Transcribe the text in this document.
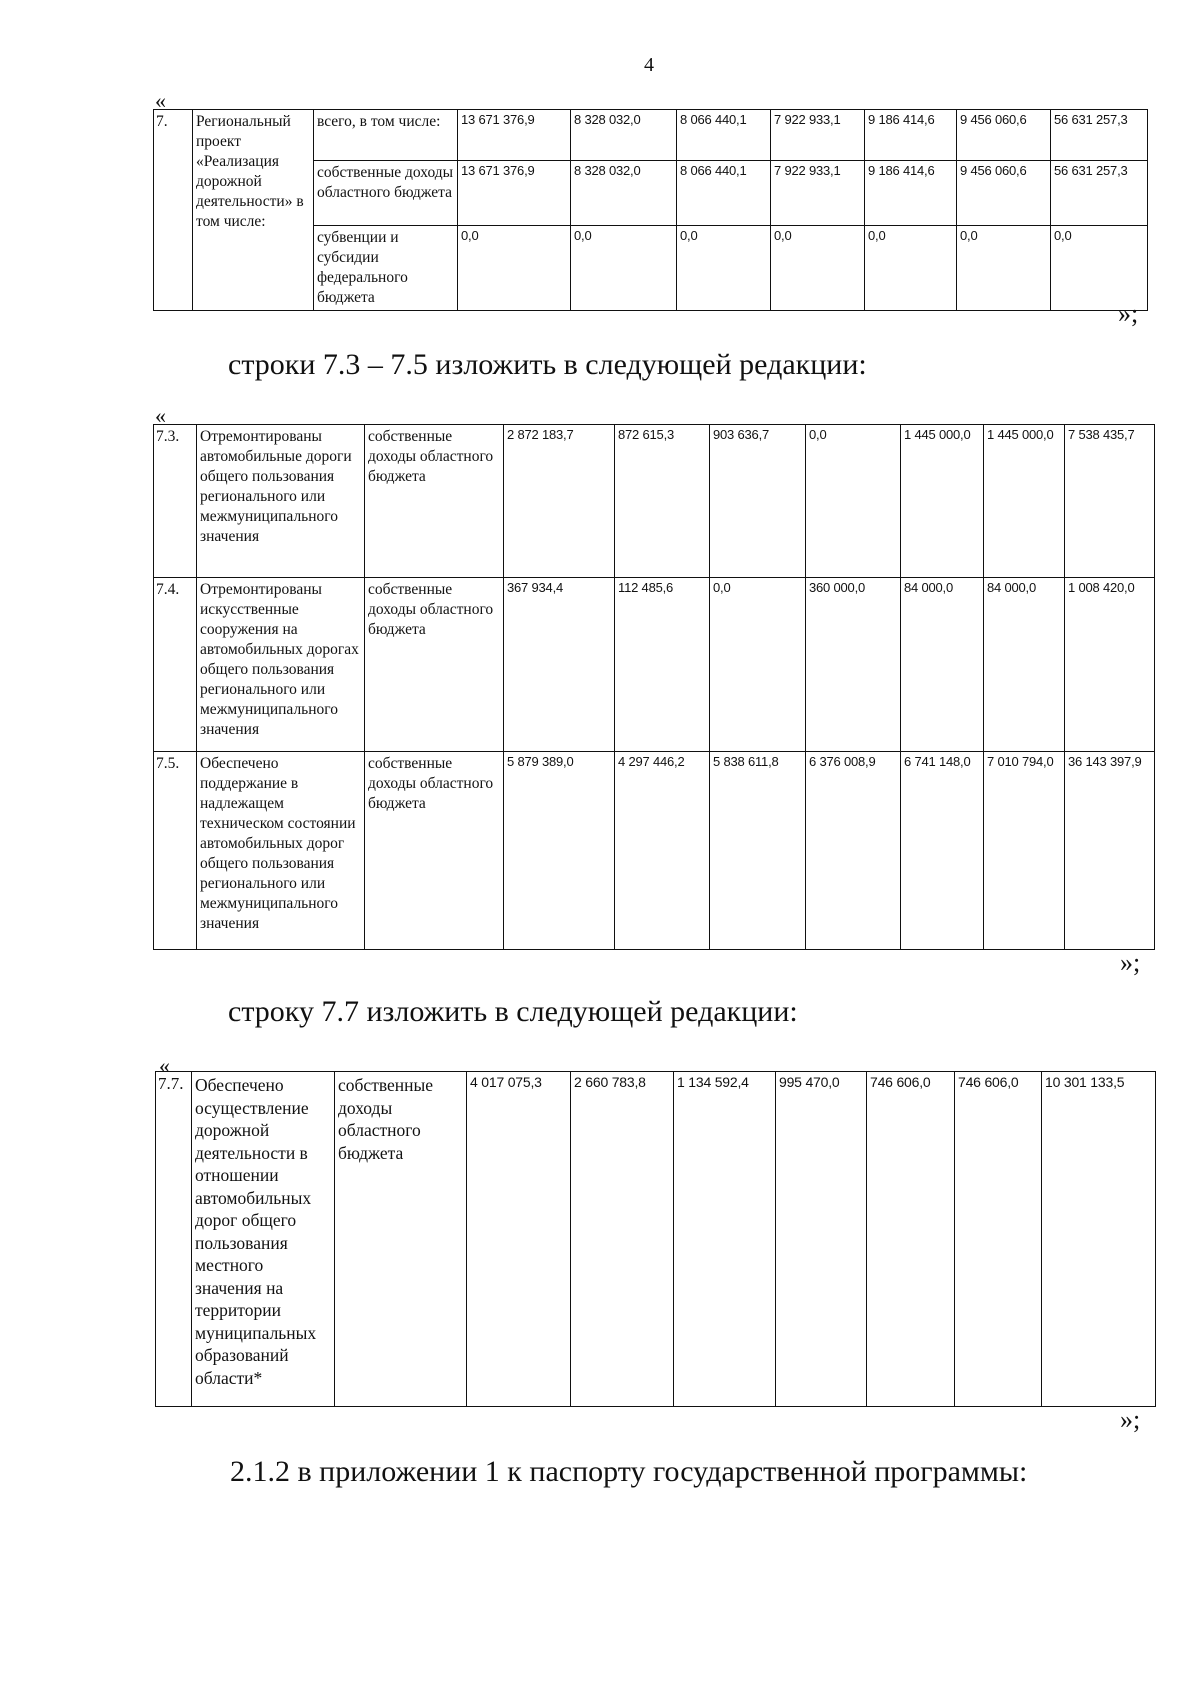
4
«
7.	Региональный проект «Реализация дорожной деятельности» в том числе:	всего, в том числе:	13 671 376,9	8 328 032,0	8 066 440,1	7 922 933,1	9 186 414,6	9 456 060,6	56 631 257,3
		собственные доходы областного бюджета	13 671 376,9	8 328 032,0	8 066 440,1	7 922 933,1	9 186 414,6	9 456 060,6	56 631 257,3
		субвенции и субсидии федерального бюджета	0,0	0,0	0,0	0,0	0,0	0,0	0,0
»;
строки 7.3 – 7.5 изложить в следующей редакции:
«
7.3.	Отремонтированы автомобильные дороги общего пользования регионального или межмуниципального значения	собственные доходы областного бюджета	2 872 183,7	872 615,3	903 636,7	0,0	1 445 000,0	1 445 000,0	7 538 435,7
7.4.	Отремонтированы искусственные сооружения на автомобильных дорогах общего пользования регионального или межмуниципального значения	собственные доходы областного бюджета	367 934,4	112 485,6	0,0	360 000,0	84 000,0	84 000,0	1 008 420,0
7.5.	Обеспечено поддержание в надлежащем техническом состоянии автомобильных дорог общего пользования регионального или межмуниципального значения	собственные доходы областного бюджета	5 879 389,0	4 297 446,2	5 838 611,8	6 376 008,9	6 741 148,0	7 010 794,0	36 143 397,9
»;
строку 7.7 изложить в следующей редакции:
«
7.7.	Обеспечено осуществление дорожной деятельности в отношении автомобильных дорог общего пользования местного значения на территории муниципальных образований области*	собственные доходы областного бюджета	4 017 075,3	2 660 783,8	1 134 592,4	995 470,0	746 606,0	746 606,0	10 301 133,5
»;
2.1.2 в приложении 1 к паспорту государственной программы:
